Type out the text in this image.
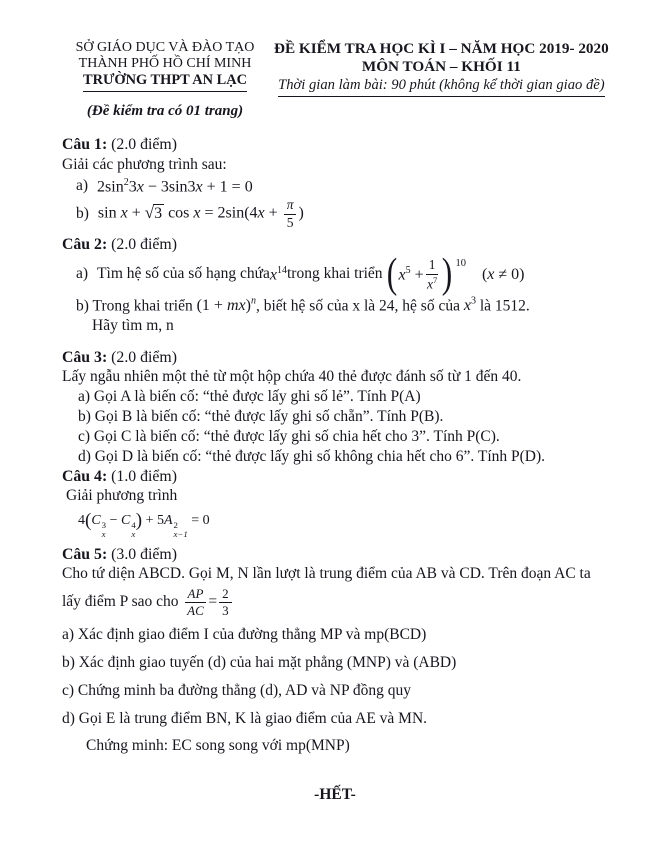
SỞ GIÁO DỤC VÀ ĐÀO TẠO
THÀNH PHỐ HỒ CHÍ MINH
TRƯỜNG THPT AN LẠC
(Đề kiểm tra có 01 trang)
ĐỀ KIỂM TRA HỌC KÌ I – NĂM HỌC 2019- 2020
MÔN TOÁN – KHỐI 11
Thời gian làm bài: 90 phút (không kể thời gian giao đề)
Câu 1: (2.0 điểm)
Giải các phương trình sau:
a) $2\sin^23x - 3\sin 3x + 1 = 0$
b) sin x + √3 $\cos x = 2\sin(4x + \frac{\pi}{5}$ )
Câu 2: (2.0 điểm)
a) Tìm hệ số của số hạng chứa $x^{14}$ trong khai triển ( $x^5 + \frac{1}{x^7}$ ) 10
(x ≠ 0)
b) Trong khai triển (1 + mx)$^n$, biết hệ số của x là 24, hệ số của $x^3$ là 1512.
Hãy tìm m, n
Câu 3: (2.0 điểm)
Lấy ngẫu nhiên một thẻ từ một hộp chứa 40 thẻ được đánh số từ 1 đến 40.
a) Gọi A là biến cố: “thẻ được lấy ghi số lẻ”. Tính P(A)
b) Gọi B là biến cố: “thẻ được lấy ghi số chẵn”. Tính P(B).
c) Gọi C là biến cố: “thẻ được lấy ghi số chia hết cho 3”. Tính P(C).
d) Gọi D là biến cố: “thẻ được lấy ghi số không chia hết cho 6”. Tính P(D).
Câu 4: (1.0 điểm)
Giải phương trình
4(C 3
x
− C 4
x
) + 5A 2
x−1
= 0
Câu 5: (3.0 điểm)
Cho tứ diện ABCD. Gọi M, N lần lượt là trung điểm của AB và CD. Trên đoạn AC ta
lấy điểm P sao cho $\frac{AP}{AC} = \frac{2}{3}$
a) Xác định giao điểm I của đường thẳng MP và mp(BCD)
b) Xác định giao tuyến (d) của hai mặt phẳng (MNP) và (ABD)
c) Chứng minh ba đường thẳng (d), AD và NP đồng quy
d) Gọi E là trung điểm BN, K là giao điểm của AE và MN.
Chứng minh: EC song song với mp(MNP)
-HẾT-
